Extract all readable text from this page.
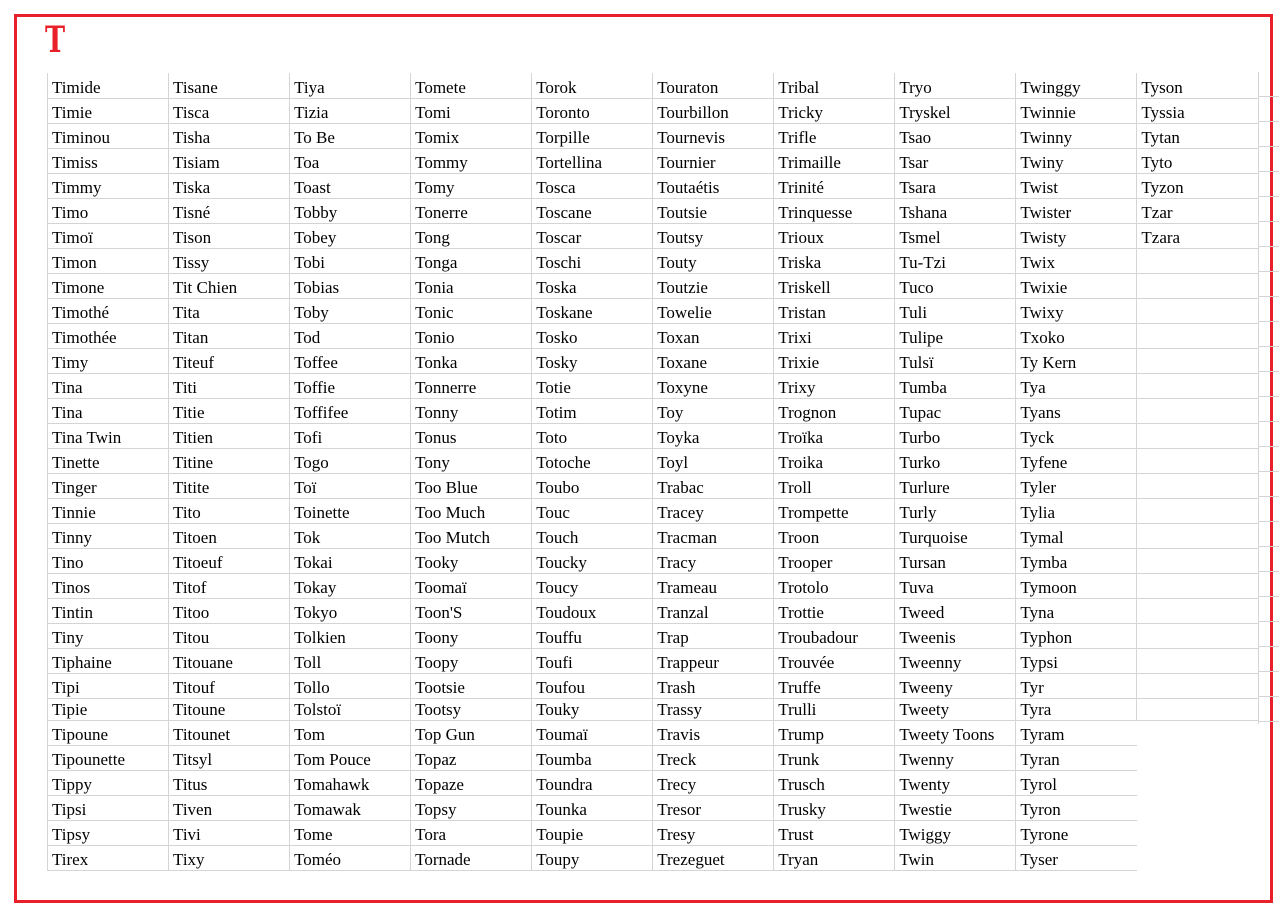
T
Timide	Tisane	Tiya	Tomete	Torok	Touraton	Tribal	Tryo	Twinggy	Tyson
Timie	Tisca	Tizia	Tomi	Toronto	Tourbillon	Tricky	Tryskel	Twinnie	Tyssia
Timinou	Tisha	To Be	Tomix	Torpille	Tournevis	Trifle	Tsao	Twinny	Tytan
Timiss	Tisiam	Toa	Tommy	Tortellina	Tournier	Trimaille	Tsar	Twiny	Tyto
Timmy	Tiska	Toast	Tomy	Tosca	Toutaétis	Trinité	Tsara	Twist	Tyzon
Timo	Tisné	Tobby	Tonerre	Toscane	Toutsie	Trinquesse	Tshana	Twister	Tzar
Timoï	Tison	Tobey	Tong	Toscar	Toutsy	Trioux	Tsmel	Twisty	Tzara
Timon	Tissy	Tobi	Tonga	Toschi	Touty	Triska	Tu-Tzi	Twix	
Timone	Tit Chien	Tobias	Tonia	Toska	Toutzie	Triskell	Tuco	Twixie	
Timothé	Tita	Toby	Tonic	Toskane	Towelie	Tristan	Tuli	Twixy	
Timothée	Titan	Tod	Tonio	Tosko	Toxan	Trixi	Tulipe	Txoko	
Timy	Titeuf	Toffee	Tonka	Tosky	Toxane	Trixie	Tulsï	Ty Kern	
Tina	Titi	Toffie	Tonnerre	Totie	Toxyne	Trixy	Tumba	Tya	
Tina	Titie	Toffifee	Tonny	Totim	Toy	Trognon	Tupac	Tyans	
Tina Twin	Titien	Tofi	Tonus	Toto	Toyka	Troïka	Turbo	Tyck	
Tinette	Titine	Togo	Tony	Totoche	Toyl	Troika	Turko	Tyfene	
Tinger	Titite	Toï	Too Blue	Toubo	Trabac	Troll	Turlure	Tyler	
Tinnie	Tito	Toinette	Too Much	Touc	Tracey	Trompette	Turly	Tylia	
Tinny	Titoen	Tok	Too Mutch	Touch	Tracman	Troon	Turquoise	Tymal	
Tino	Titoeuf	Tokai	Tooky	Toucky	Tracy	Trooper	Tursan	Tymba	
Tinos	Titof	Tokay	Toomaï	Toucy	Trameau	Trotolo	Tuva	Tymoon	
Tintin	Titoo	Tokyo	Toon'S	Toudoux	Tranzal	Trottie	Tweed	Tyna	
Tiny	Titou	Tolkien	Toony	Touffu	Trap	Troubadour	Tweenis	Typhon	
Tiphaine	Titouane	Toll	Toopy	Toufi	Trappeur	Trouvée	Tweenny	Typsi	
Tipi	Titouf	Tollo	Tootsie	Toufou	Trash	Truffe	Tweeny	Tyr	
Tipie	Titoune	Tolstoï	Tootsy	Touky	Trassy	Trulli	Tweety	Tyra	
Tipoune	Titounet	Tom	Top Gun	Toumaï	Travis	Trump	Tweety Toons	Tyram	
Tipounette	Titsyl	Tom Pouce	Topaz	Toumba	Treck	Trunk	Twenny	Tyran	
Tippy	Titus	Tomahawk	Topaze	Toundra	Trecy	Trusch	Twenty	Tyrol	
Tipsi	Tiven	Tomawak	Topsy	Tounka	Tresor	Trusky	Twestie	Tyron	
Tipsy	Tivi	Tome	Tora	Toupie	Tresy	Trust	Twiggy	Tyrone	
Tirex	Tixy	Toméo	Tornade	Toupy	Trezeguet	Tryan	Twin	Tyser	
